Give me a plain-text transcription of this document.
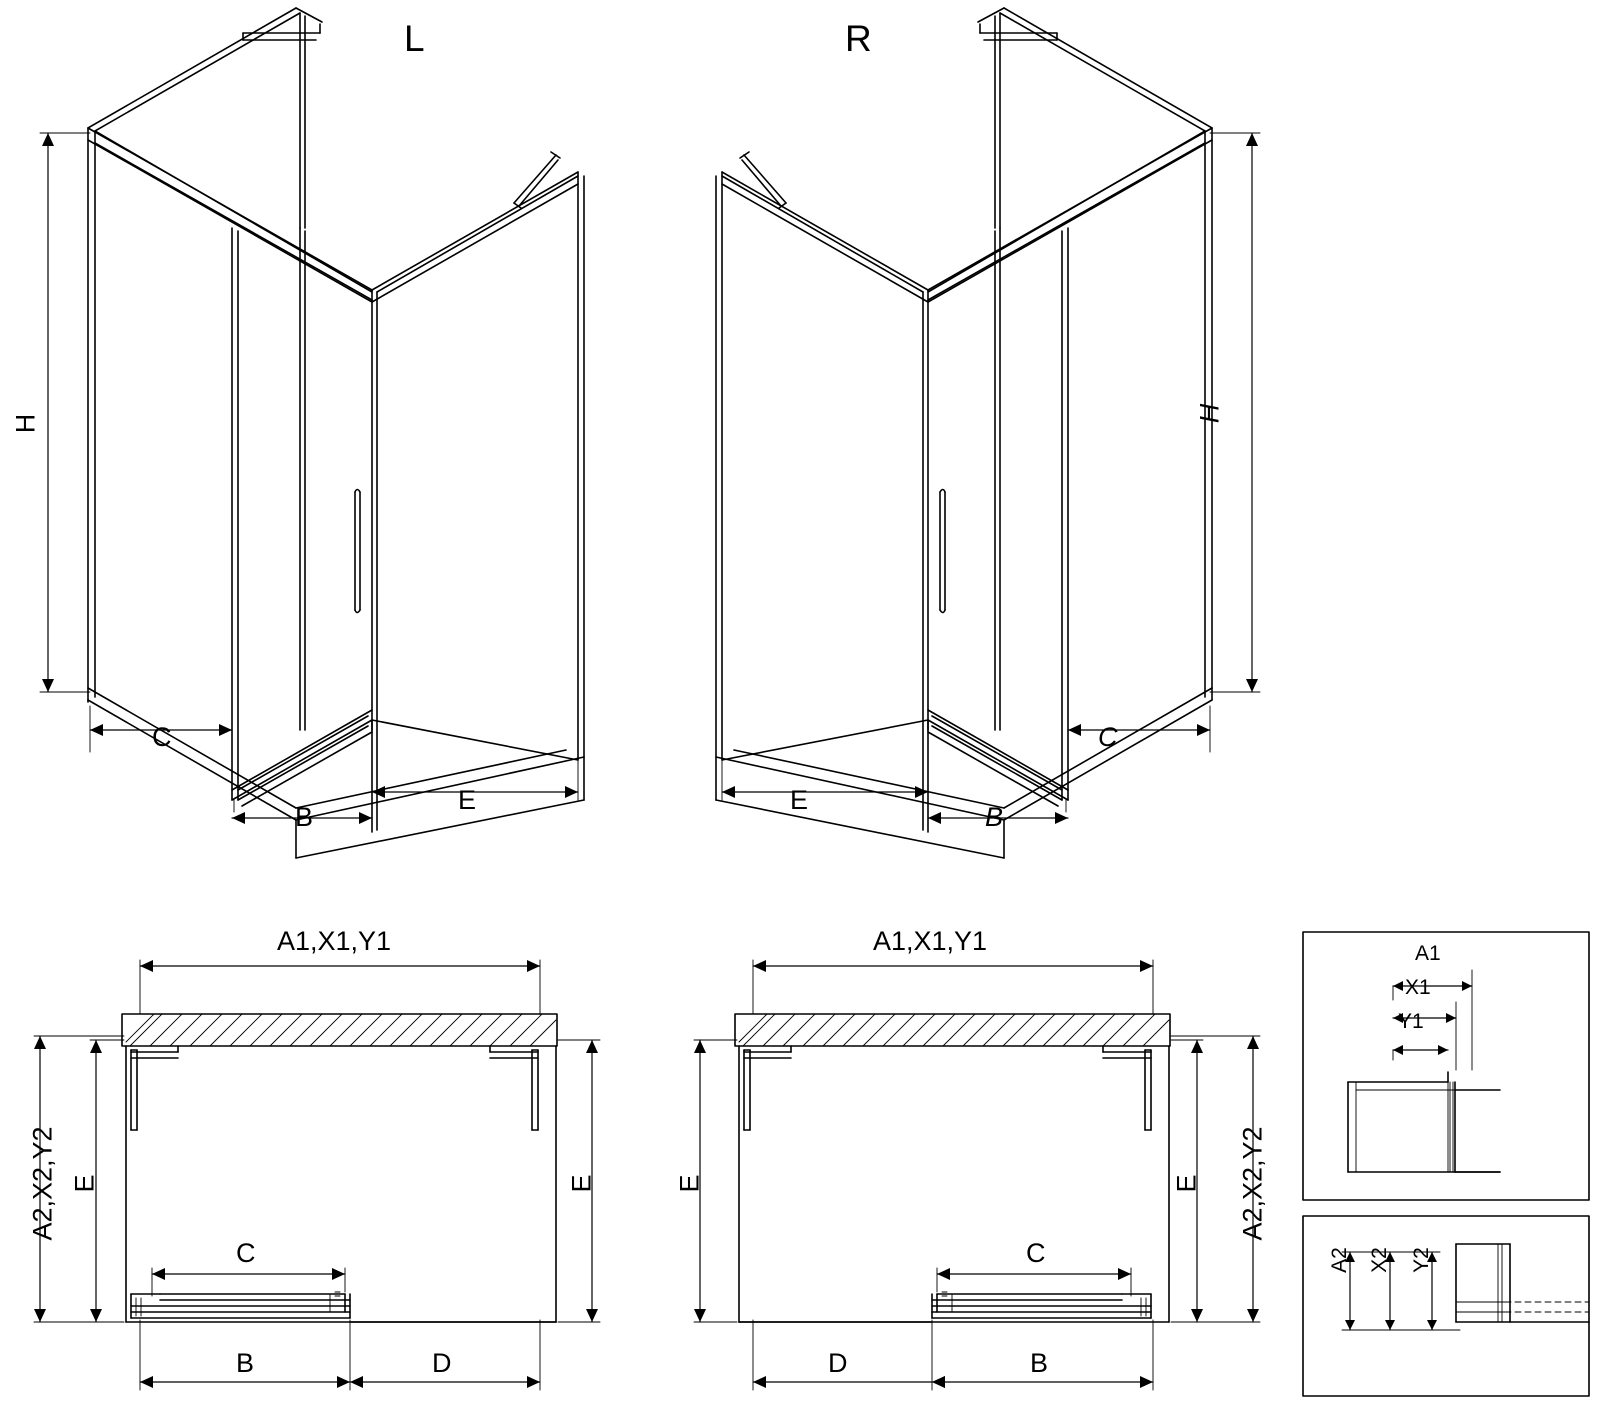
L	R
H
H
C
B
E
C
B
E
A1,X1,Y1	A1,X1,Y1
A2,X2,Y2	A2,X2,Y2
E	E	E	E
C	C
B	D	B
D
A1
X1
Y1
A2 X2 Y2
